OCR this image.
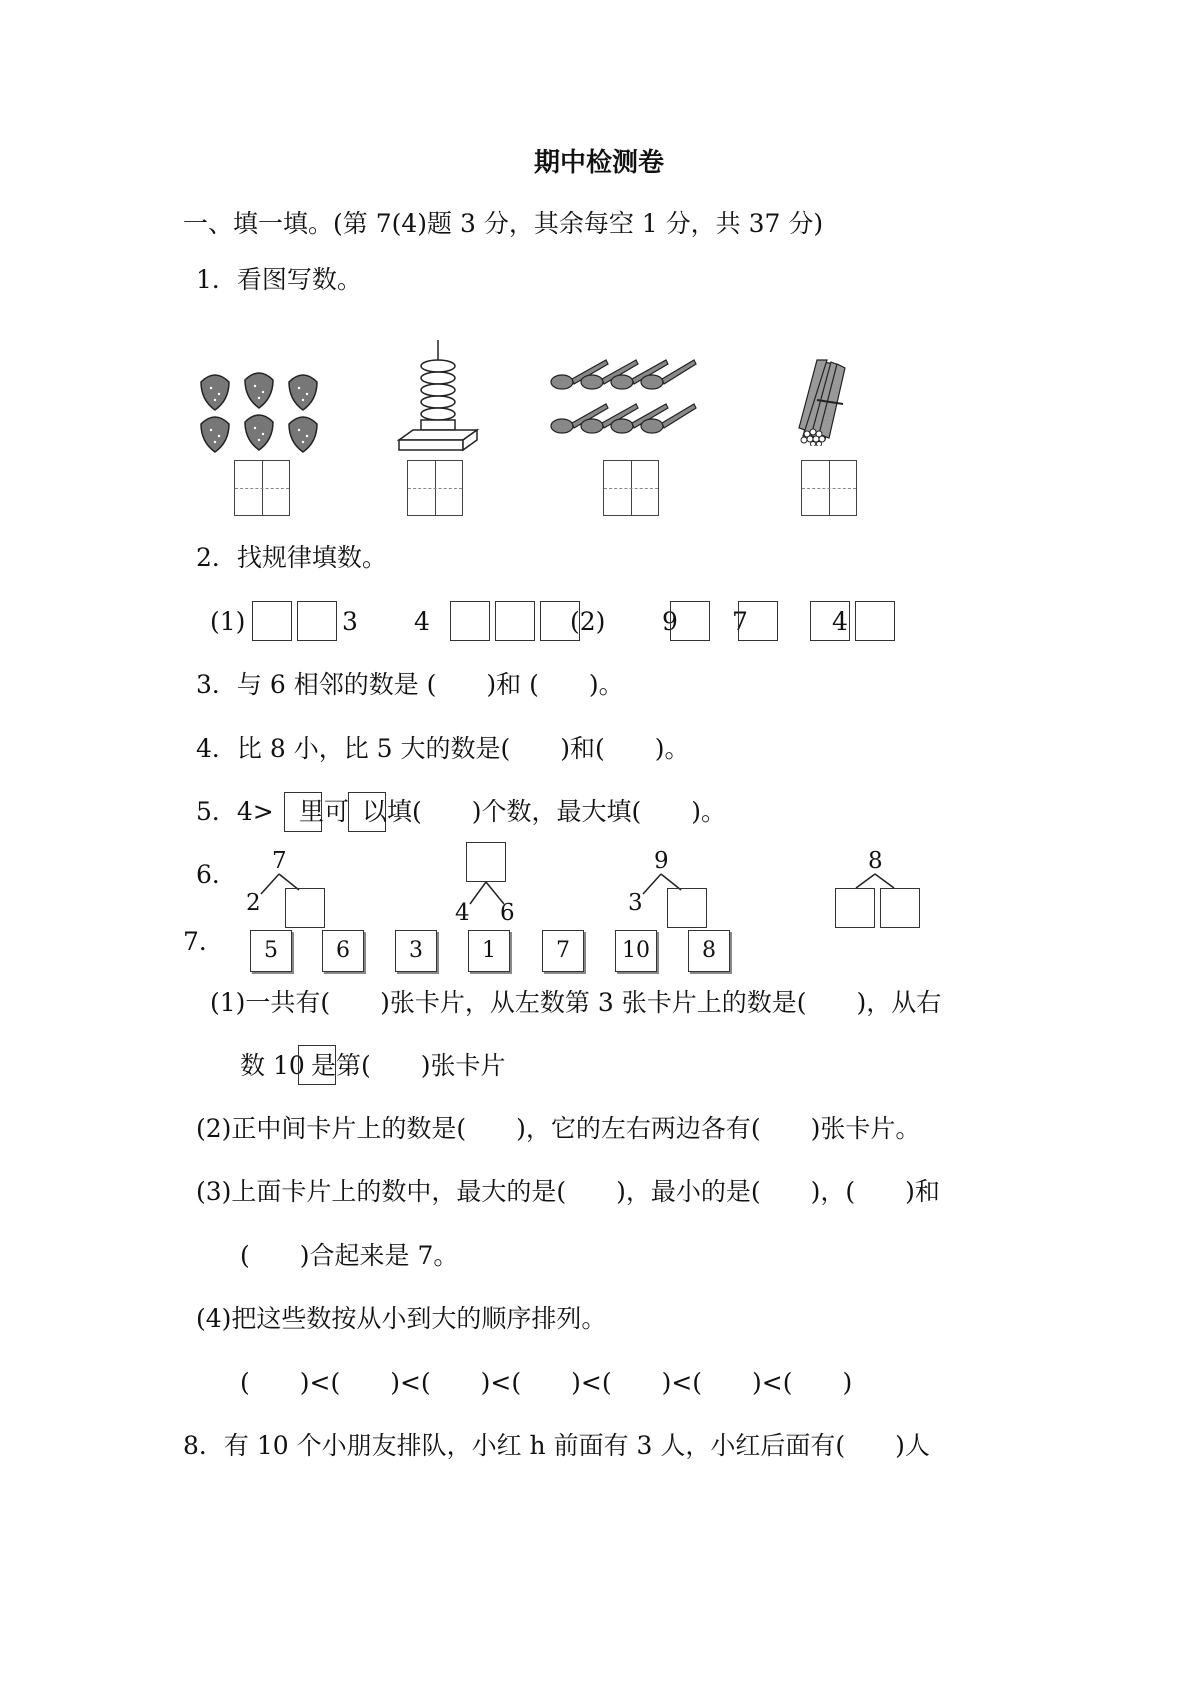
期中检测卷
一、填一填。(第 7(4)题 3 分，其余每空 1 分，共 37 分)
1．看图写数。
2．找规律填数。
(1)	3 4	(2) 9 7	4
3．与 6 相邻的数是 (　　)和 (　　)。
4．比 8 小，比 5 大的数是(　　)和(　　)。
5．4> 里可 以填(　　)个数，最大填(　　)。
6． 7
2	4 6
9
3
8
7．	5	6	3	1	7	10	8
(1)一共有(　　)张卡片，从左数第 3 张卡片上的数是(　　)，从右
数 10 是第(　　)张卡片
(2)正中间卡片上的数是(　　)，它的左右两边各有(　　)张卡片。
(3)上面卡片上的数中，最大的是(　　)，最小的是(　　)，(　　)和
(　　)合起来是 7。
(4)把这些数按从小到大的顺序排列。
(　　)<(　　)<(　　)<(　　)<(　　)<(　　)<(　　)
8．有 10 个小朋友排队，小红 h 前面有 3 人，小红后面有(　　)人
